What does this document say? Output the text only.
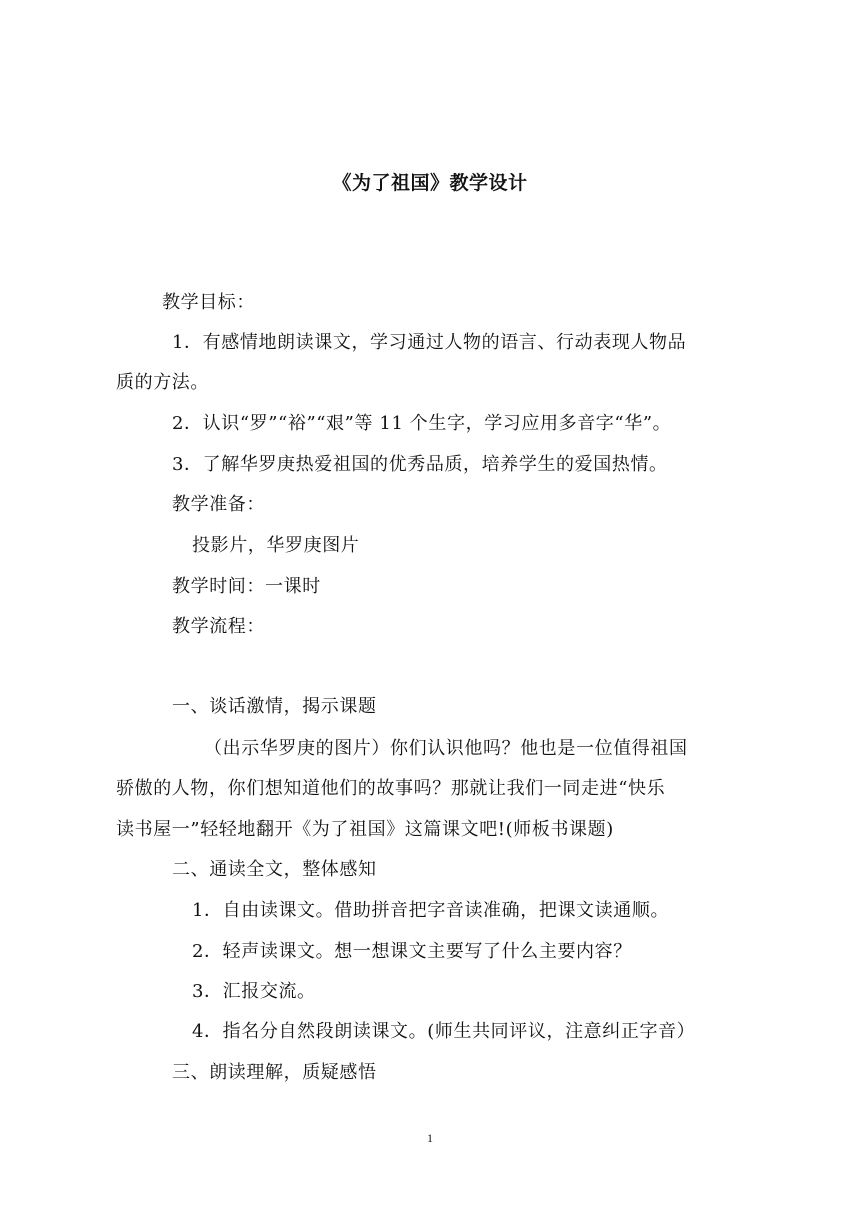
《为了祖国》教学设计
教学目标：
1．有感情地朗读课文，学习通过人物的语言、行动表现人物品
质的方法。
2．认识“罗”“裕”“艰”等 11 个生字，学习应用多音字“华”。
3．了解华罗庚热爱祖国的优秀品质，培养学生的爱国热情。
教学准备：
投影片，华罗庚图片
教学时间：一课时
教学流程：
一、谈话激情，揭示课题
（出示华罗庚的图片）你们认识他吗？他也是一位值得祖国
骄傲的人物，你们想知道他们的故事吗？那就让我们一同走进“快乐
读书屋一”轻轻地翻开《为了祖国》这篇课文吧!(师板书课题)
二、通读全文，整体感知
1．自由读课文。借助拼音把字音读准确，把课文读通顺。
2．轻声读课文。想一想课文主要写了什么主要内容？
3．汇报交流。
4．指名分自然段朗读课文。(师生共同评议，注意纠正字音）
三、朗读理解，质疑感悟
1
